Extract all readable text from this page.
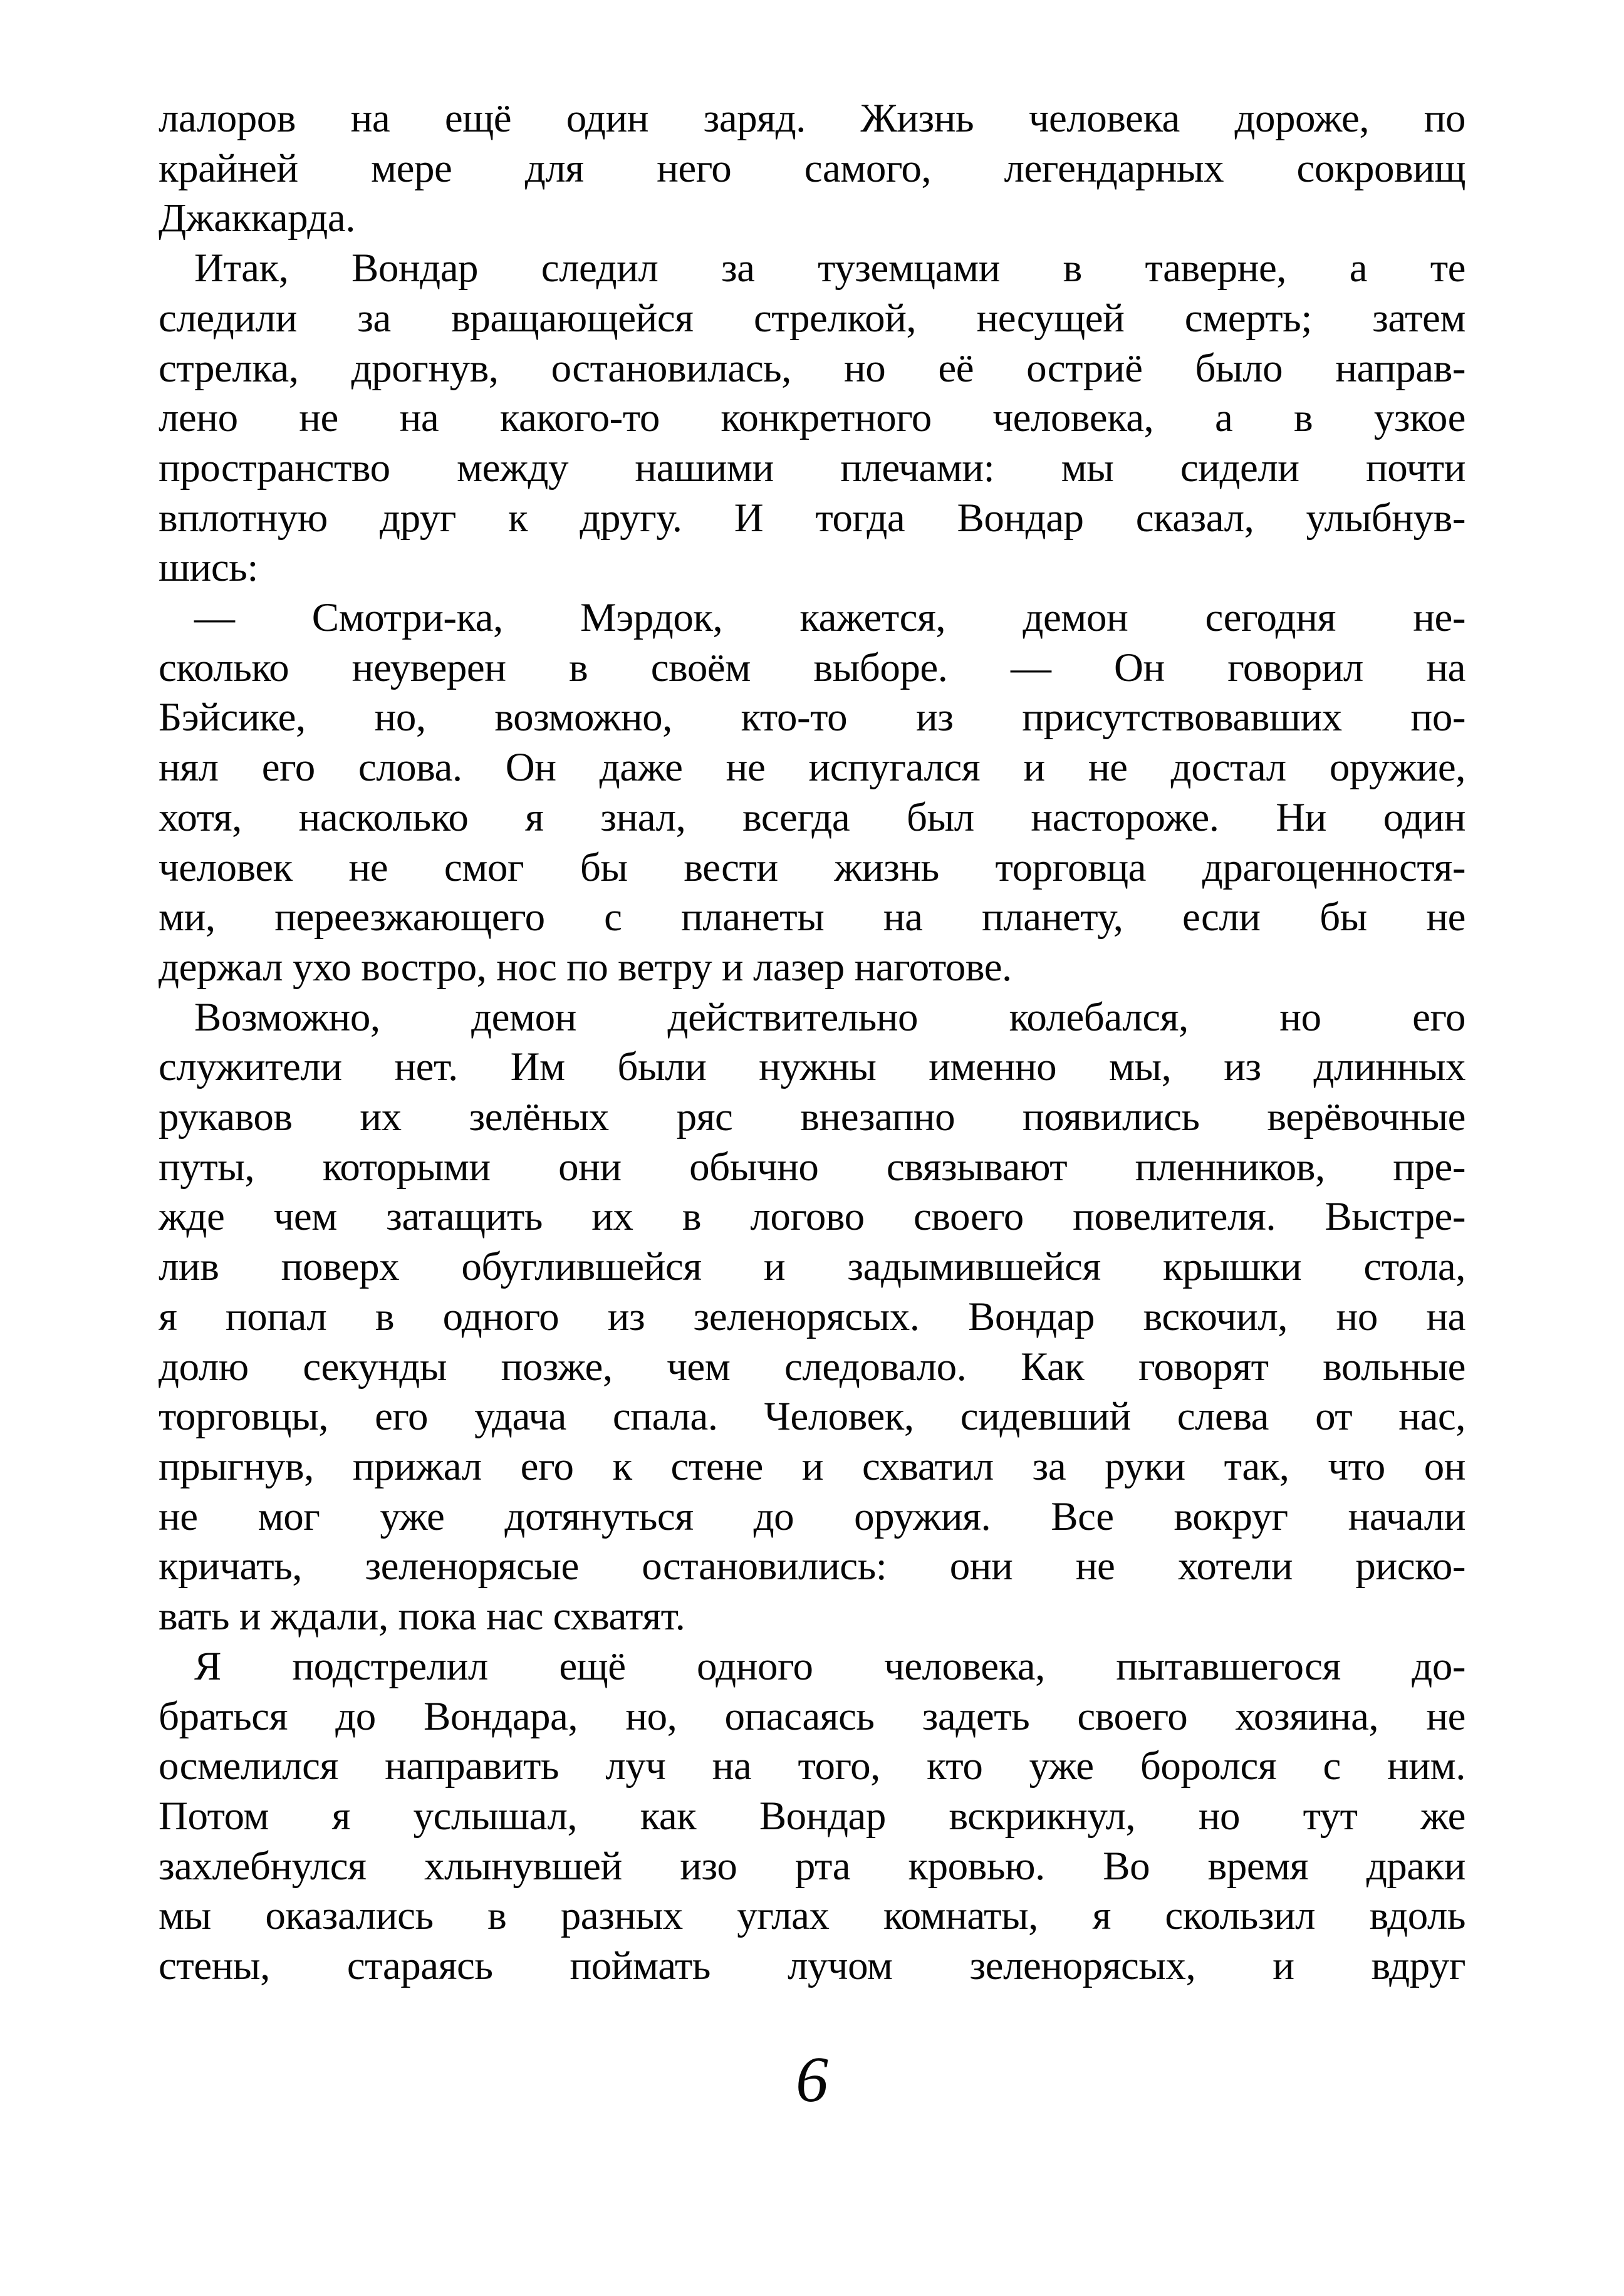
лалоров на ещё один заряд. Жизнь человека дороже, по
крайней мере для него самого, легендарных сокровищ
Джаккарда.
Итак, Вондар следил за туземцами в таверне, а те
следили за вращающейся стрелкой, несущей смерть; затем
стрелка, дрогнув, остановилась, но её остриё было направ-
лено не на какого-то конкретного человека, а в узкое
пространство между нашими плечами: мы сидели почти
вплотную друг к другу. И тогда Вондар сказал, улыбнув-
шись:
— Смотри-ка, Мэрдок, кажется, демон сегодня не-
сколько неуверен в своём выборе. — Он говорил на
Бэйсике, но, возможно, кто-то из присутствовавших по-
нял его слова. Он даже не испугался и не достал оружие,
хотя, насколько я знал, всегда был настороже. Ни один
человек не смог бы вести жизнь торговца драгоценностя-
ми, переезжающего с планеты на планету, если бы не
держал ухо востро, нос по ветру и лазер наготове.
Возможно, демон действительно колебался, но его
служители нет. Им были нужны именно мы, из длинных
рукавов их зелёных ряс внезапно появились верёвочные
путы, которыми они обычно связывают пленников, пре-
жде чем затащить их в логово своего повелителя. Выстре-
лив поверх обуглившейся и задымившейся крышки стола,
я попал в одного из зеленорясых. Вондар вскочил, но на
долю секунды позже, чем следовало. Как говорят вольные
торговцы, его удача спала. Человек, сидевший слева от нас,
прыгнув, прижал его к стене и схватил за руки так, что он
не мог уже дотянуться до оружия. Все вокруг начали
кричать, зеленорясые остановились: они не хотели риско-
вать и ждали, пока нас схватят.
Я подстрелил ещё одного человека, пытавшегося до-
браться до Вондара, но, опасаясь задеть своего хозяина, не
осмелился направить луч на того, кто уже боролся с ним.
Потом я услышал, как Вондар вскрикнул, но тут же
захлебнулся хлынувшей изо рта кровью. Во время драки
мы оказались в разных углах комнаты, я скользил вдоль
стены, стараясь поймать лучом зеленорясых, и вдруг
6
